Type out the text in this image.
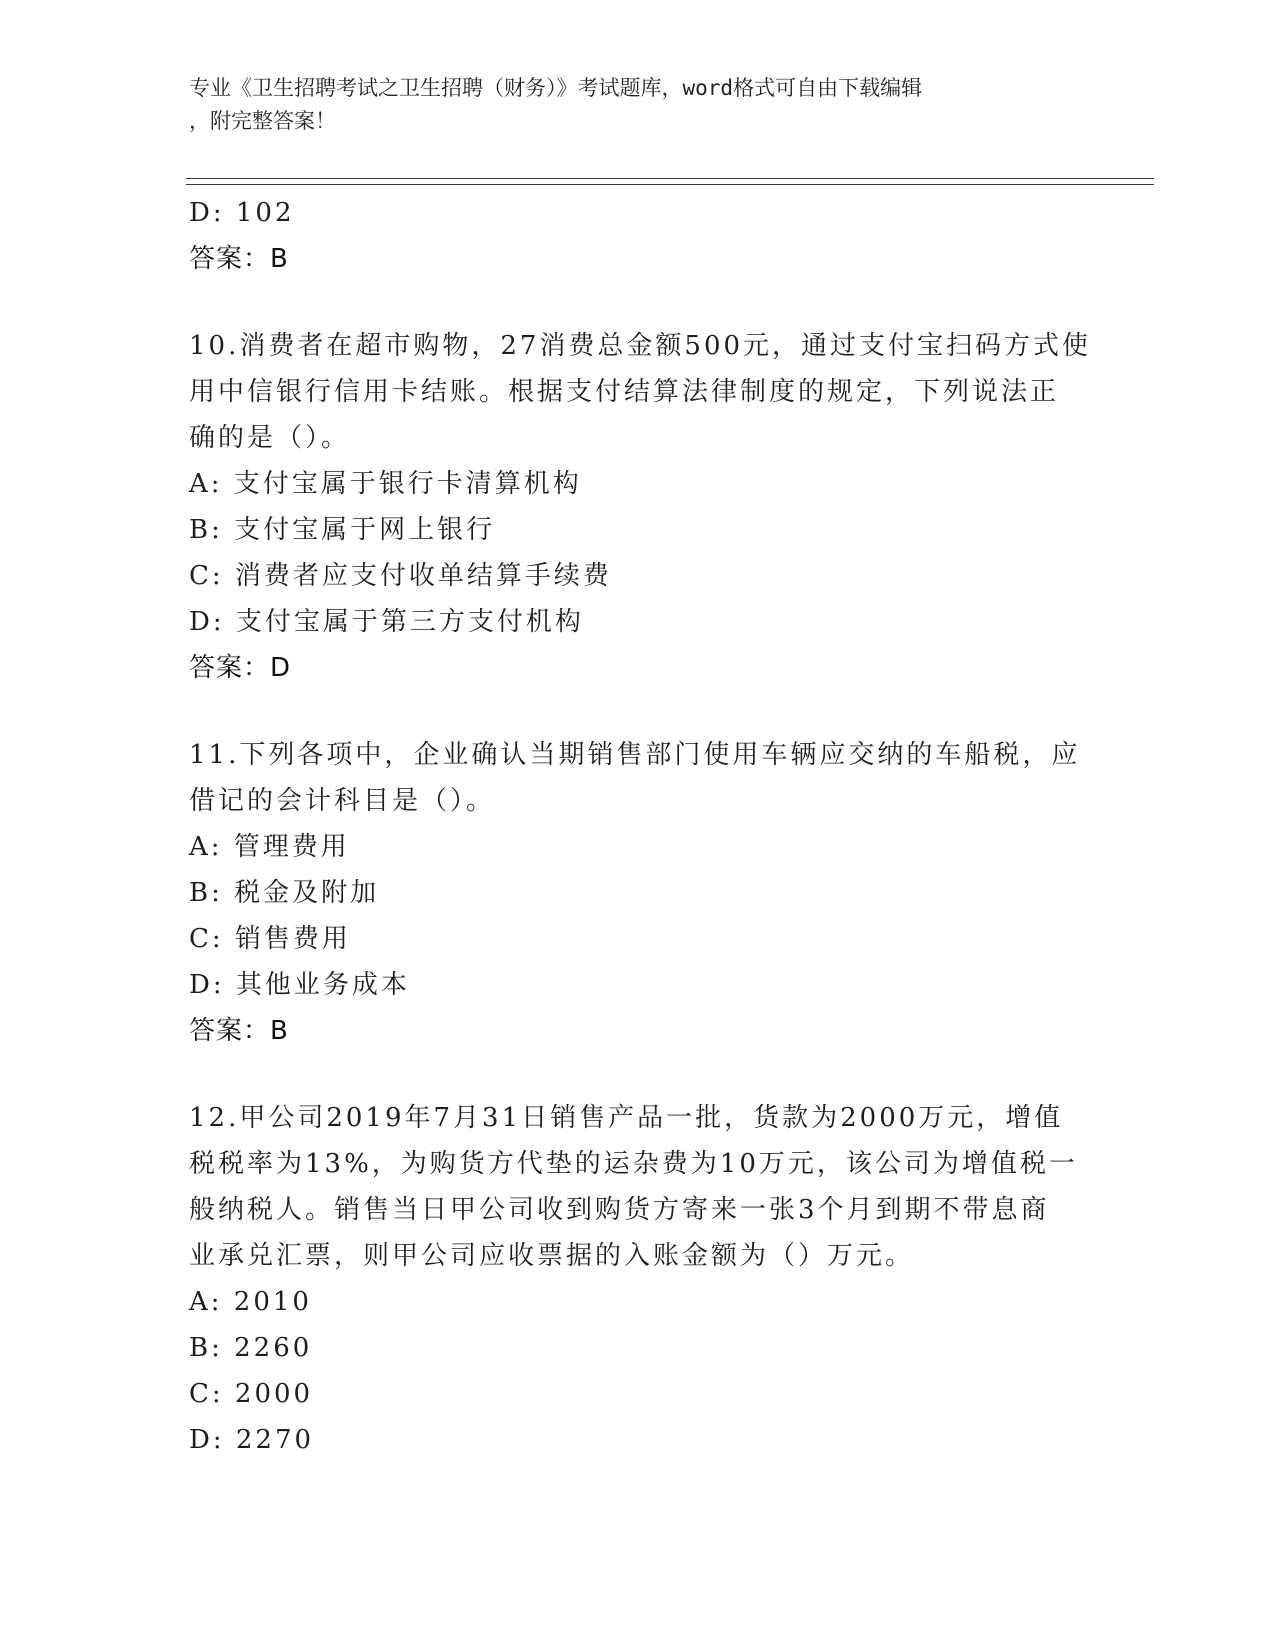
专业《卫生招聘考试之卫生招聘（财务）》考试题库，word格式可自由下载编辑
，附完整答案！
D: 102
答案：B
10.消费者在超市购物，27消费总金额500元，通过支付宝扫码方式使
用中信银行信用卡结账。根据支付结算法律制度的规定，下列说法正
确的是（）。
A: 支付宝属于银行卡清算机构
B: 支付宝属于网上银行
C: 消费者应支付收单结算手续费
D: 支付宝属于第三方支付机构
答案：D
11.下列各项中，企业确认当期销售部门使用车辆应交纳的车船税，应
借记的会计科目是（）。
A: 管理费用
B: 税金及附加
C: 销售费用
D: 其他业务成本
答案：B
12.甲公司2019年7月31日销售产品一批，货款为2000万元，增值
税税率为13%，为购货方代垫的运杂费为10万元，该公司为增值税一
般纳税人。销售当日甲公司收到购货方寄来一张3个月到期不带息商
业承兑汇票，则甲公司应收票据的入账金额为（）万元。
A: 2010
B: 2260
C: 2000
D: 2270
